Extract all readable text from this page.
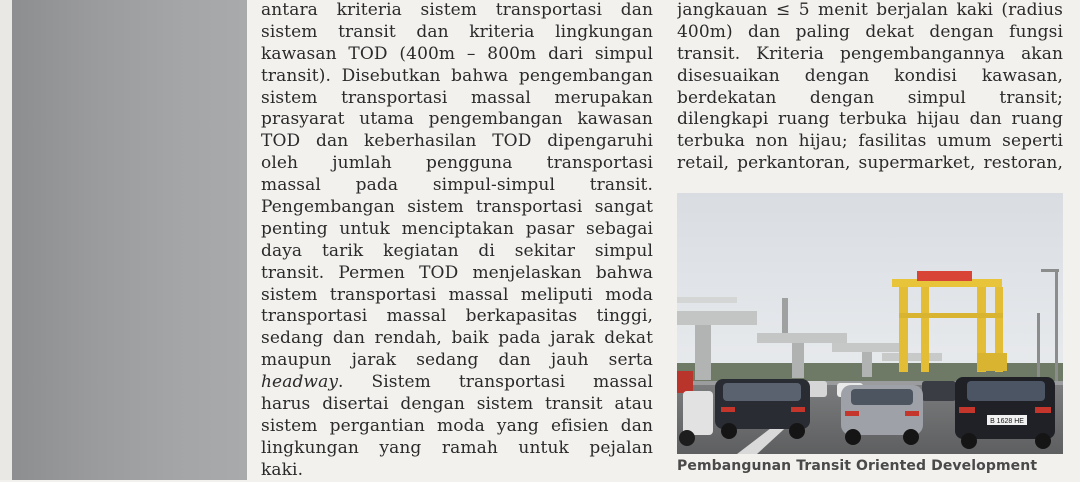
antara kriteria sistem transportasi dan
sistem transit dan kriteria lingkungan
kawasan TOD (400m – 800m dari simpul
transit). Disebutkan bahwa pengembangan
sistem transportasi massal merupakan
prasyarat utama pengembangan kawasan
TOD dan keberhasilan TOD dipengaruhi
oleh jumlah pengguna transportasi
massal pada simpul-simpul transit.
Pengembangan sistem transportasi sangat
penting untuk menciptakan pasar sebagai
daya tarik kegiatan di sekitar simpul
transit. Permen TOD menjelaskan bahwa
sistem transportasi massal meliputi moda
transportasi massal berkapasitas tinggi,
sedang dan rendah, baik pada jarak dekat
maupun jarak sedang dan jauh serta
headway. Sistem transportasi massal
harus disertai dengan sistem transit atau
sistem pergantian moda yang efisien dan
lingkungan yang ramah untuk pejalan
kaki.
jangkauan ≤ 5 menit berjalan kaki (radius
400m) dan paling dekat dengan fungsi
transit. Kriteria pengembangannya akan
disesuaikan dengan kondisi kawasan,
berdekatan dengan simpul transit;
dilengkapi ruang terbuka hijau dan ruang
terbuka non hijau; fasilitas umum seperti
retail, perkantoran, supermarket, restoran,
B 1628 HE
Pembangunan Transit Oriented Development
